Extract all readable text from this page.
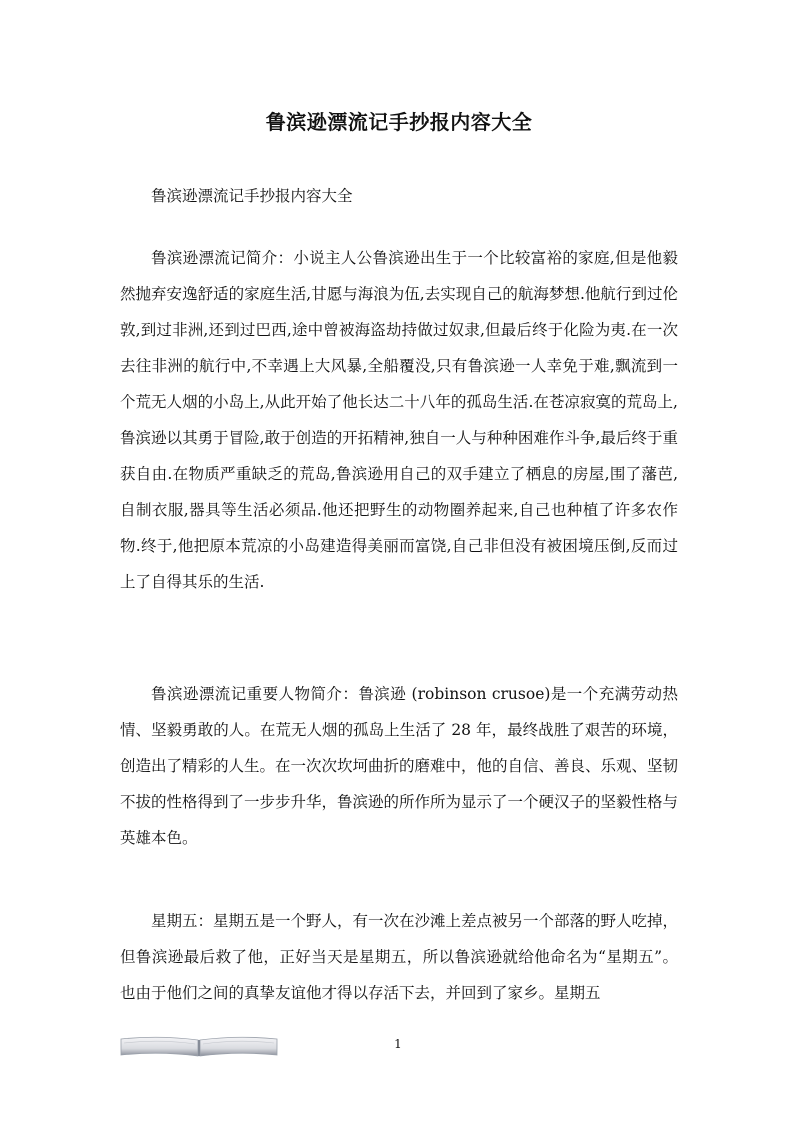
鲁滨逊漂流记手抄报内容大全

鲁滨逊漂流记手抄报内容大全

鲁滨逊漂流记简介：小说主人公鲁滨逊出生于一个比较富裕的家庭,但是他毅然抛弃安逸舒适的家庭生活,甘愿与海浪为伍,去实现自己的航海梦想.他航行到过伦敦,到过非洲,还到过巴西,途中曾被海盗劫持做过奴隶,但最后终于化险为夷.在一次去往非洲的航行中,不幸遇上大风暴,全船覆没,只有鲁滨逊一人幸免于难,飘流到一个荒无人烟的小岛上,从此开始了他长达二十八年的孤岛生活.在苍凉寂寞的荒岛上,鲁滨逊以其勇于冒险,敢于创造的开拓精神,独自一人与种种困难作斗争,最后终于重获自由.在物质严重缺乏的荒岛,鲁滨逊用自己的双手建立了栖息的房屋,围了藩芭,自制衣服,器具等生活必须品.他还把野生的动物圈养起来,自己也种植了许多农作物.终于,他把原本荒凉的小岛建造得美丽而富饶,自己非但没有被困境压倒,反而过上了自得其乐的生活.

鲁滨逊漂流记重要人物简介：鲁滨逊 (robinson crusoe)是一个充满劳动热情、坚毅勇敢的人。在荒无人烟的孤岛上生活了 28 年，最终战胜了艰苦的环境，创造出了精彩的人生。在一次次坎坷曲折的磨难中，他的自信、善良、乐观、坚韧不拔的性格得到了一步步升华，鲁滨逊的所作所为显示了一个硬汉子的坚毅性格与英雄本色。

星期五：星期五是一个野人，有一次在沙滩上差点被另一个部落的野人吃掉，但鲁滨逊最后救了他，正好当天是星期五，所以鲁滨逊就给他命名为“星期五”。也由于他们之间的真挚友谊他才得以存活下去，并回到了家乡。星期五

1
